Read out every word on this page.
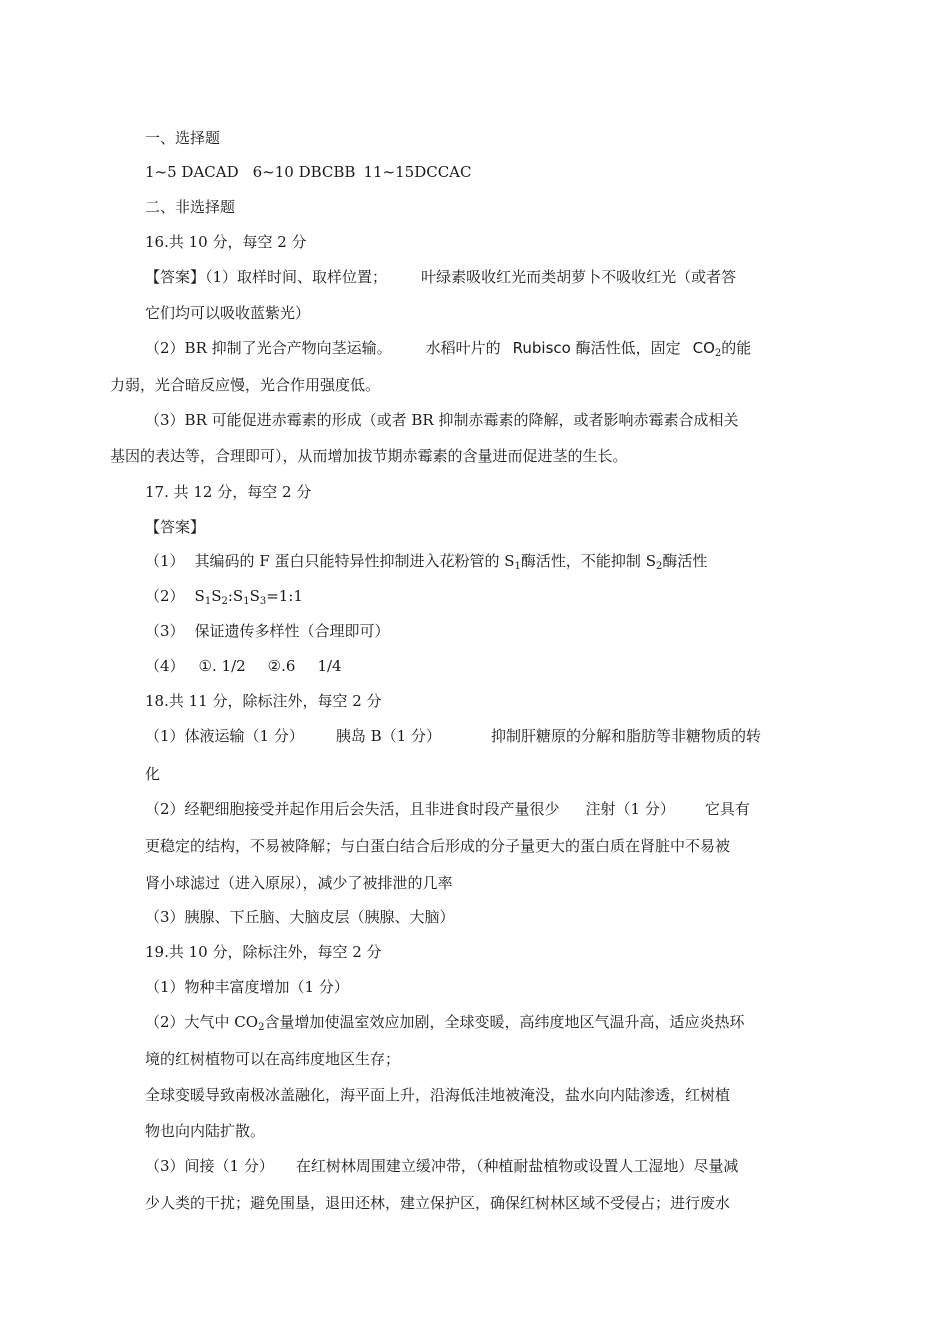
一、选择题
1~5 DACAD 6~10 DBCBB 11~15DCCAC
二、非选择题
16.共 10 分，每空 2 分
【答案】（1）取样时间、取样位置； 叶绿素吸收红光而类胡萝卜不吸收红光（或者答
它们均可以吸收蓝紫光）
（2）BR 抑制了光合产物向茎运输。 水稻叶片的 Rubisco 酶活性低，固定 $CO_2$的能
力弱，光合暗反应慢，光合作用强度低。
（3）BR 可能促进赤霉素的形成（或者 BR 抑制赤霉素的降解，或者影响赤霉素合成相关
基因的表达等，合理即可），从而增加拔节期赤霉素的含量进而促进茎的生长。
17. 共 12 分，每空 2 分
【答案】
（1） 其编码的 F 蛋白只能特异性抑制进入花粉管的 $S_1$酶活性，不能抑制 $S_2$酶活性
（2） $S_1S_2:S_1S_3=1:1$
（3） 保证遗传多样性（合理即可）
（4） ①. 1/2 ②.6 1/4
18.共 11 分，除标注外，每空 2 分
（1）体液运输（1 分） 胰岛 B（1 分）	抑制肝糖原的分解和脂肪等非糖物质的转
化
（2）经靶细胞接受并起作用后会失活，且非进食时段产量很少 注射（1 分） 它具有
更稳定的结构，不易被降解；与白蛋白结合后形成的分子量更大的蛋白质在肾脏中不易被
肾小球滤过（进入原尿），减少了被排泄的几率
（3）胰腺、下丘脑、大脑皮层（胰腺、大脑）
19.共 10 分，除标注外，每空 2 分
（1）物种丰富度增加（1 分）
（2）大气中 $CO_2$含量增加使温室效应加剧，全球变暖，高纬度地区气温升高，适应炎热环
境的红树植物可以在高纬度地区生存；
全球变暖导致南极冰盖融化，海平面上升，沿海低洼地被淹没，盐水向内陆渗透，红树植
物也向内陆扩散。
（3）间接（1 分） 在红树林周围建立缓冲带，（种植耐盐植物或设置人工湿地）尽量减
少人类的干扰；避免围垦，退田还林，建立保护区，确保红树林区域不受侵占；进行废水
